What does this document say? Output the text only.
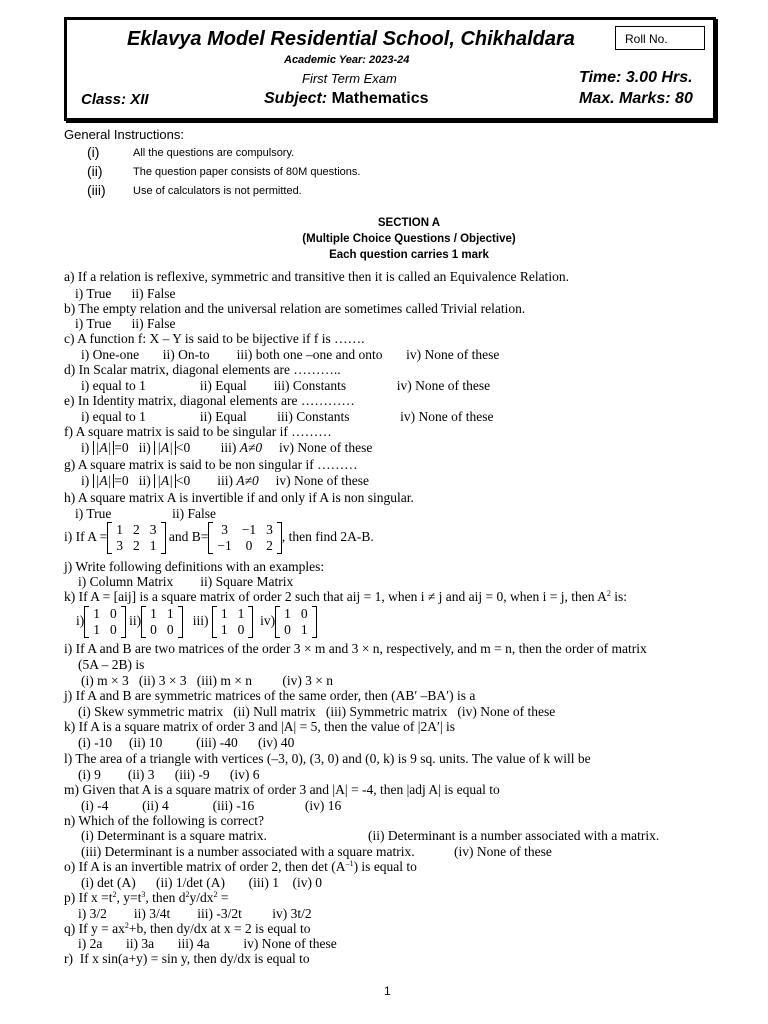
Eklavya Model Residential School, Chikhaldara	Roll No.
Academic Year: 2023-24
First Term Exam	Time: 3.00 Hrs.
Class: XII	Subject: Mathematics	Max. Marks: 80
General Instructions:
(i)	All the questions are compulsory.
(ii)	The question paper consists of 80M questions.
(iii) Use of calculators is not permitted.
SECTION A
(Multiple Choice Questions / Objective)
Each question carries 1 mark
a) If a relation is reflexive, symmetric and transitive then it is called an Equivalence Relation.
i) True      ii) False
b) The empty relation and the universal relation are sometimes called Trivial relation.
i) True      ii) False
c) A function f: X – Y is said to be bijective if f is …….
i) One-one       ii) On-to        iii) both one –one and onto       iv) None of these
d) In Scalar matrix, diagonal elements are ………..
i) equal to 1                ii) Equal        iii) Constants               iv) None of these
e) In Identity matrix, diagonal elements are …………
i) equal to 1                ii) Equal         iii) Constants               iv) None of these
f) A square matrix is said to be singular if ………
i) |A| =0 ii) |A| <0 iii) A≠0 iv) None of these
g) A square matrix is said to be non singular if ………
i) |A| =0 ii) |A| <0 iii) A≠0 iv) None of these
h) A square matrix A is invertible if and only if A is non singular.
i) True                  ii) False
i) If A = 1	2	3
3	2	1
and B= 3	−1	3
−1	0	2
, then find 2A-B.
j) Write following definitions with an examples:
i) Column Matrix        ii) Square Matrix
k) If A = [aij] is a square matrix of order 2 such that aij = 1, when i ≠ j and aij = 0, when i = j, then $A^2$ is:
i) 1	0
1	0
ii) 1	1
0	0
iii) 1	1
1	0
iv) 1	0
0	1
i) If A and B are two matrices of the order 3 × m and 3 × n, respectively, and m = n, then the order of matrix
(5A – 2B) is
(i) m × 3   (ii) 3 × 3   (iii) m × n         (iv) 3 × n
j) If A and B are symmetric matrices of the same order, then (AB′ –BA′) is a
(i) Skew symmetric matrix   (ii) Null matrix   (iii) Symmetric matrix   (iv) None of these
k) If A is a square matrix of order 3 and |A| = 5, then the value of |2A′| is
(i) -10     (ii) 10          (iii) -40      (iv) 40
l) The area of a triangle with vertices (–3, 0), (3, 0) and (0, k) is 9 sq. units. The value of k will be
(i) 9        (ii) 3      (iii) -9      (iv) 6
m) Given that A is a square matrix of order 3 and |A| = -4, then |adj A| is equal to
(i) -4          (ii) 4             (iii) -16               (iv) 16
n) Which of the following is correct?
(i) Determinant is a square matrix.	(ii) Determinant is a number associated with a matrix.
(iii) Determinant is a number associated with a square matrix.	(iv) None of these
o) If A is an invertible matrix of order 2, then $\det (A^{-1})$ is equal to
(i) det (A)      (ii) 1/det (A)       (iii) 1    (iv) 0
p) If $x =t^2$, $y=t^3$, then $d^2y/dx^2$ =
i) 3/2        ii) 3/4t        iii) -3/2t         iv) 3t/2
q) If $y = ax^2+b$, then dy/dx at x = 2 is equal to
i) 2a       ii) 3a       iii) 4a          iv) None of these
r)  If x sin(a+y) = sin y, then dy/dx is equal to
1
